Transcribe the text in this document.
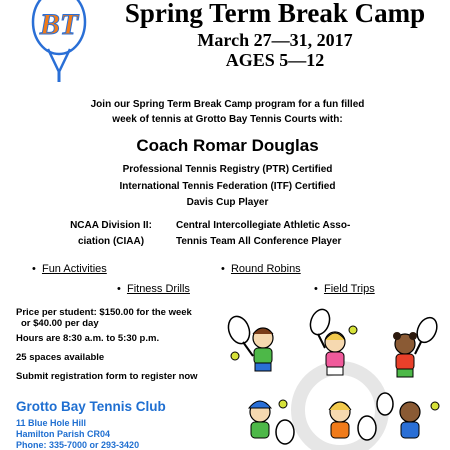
BT	Spring Term Break Camp
March 27—31, 2017
AGES 5—12
Join our Spring Term Break Camp program for a fun filled
week of tennis at Grotto Bay Tennis Courts with:
Coach Romar Douglas
Professional Tennis Registry (PTR) Certified
International Tennis Federation (ITF) Certified
Davis Cup Player
NCAA Division II:
ciation (CIAA)
Central Intercollegiate Athletic Asso-
Tennis Team All Conference Player
•  Fun Activities	•  Round Robins
•  Fitness Drills	•  Field Trips
Price per student: $150.00 for the week
or $40.00 per day
Hours are 8:30 a.m. to 5:30 p.m.
25 spaces available
Submit registration form to register now
Grotto Bay Tennis Club
11 Blue Hole Hill
Hamilton Parish CR04
Phone: 335-7000 or 293-3420
